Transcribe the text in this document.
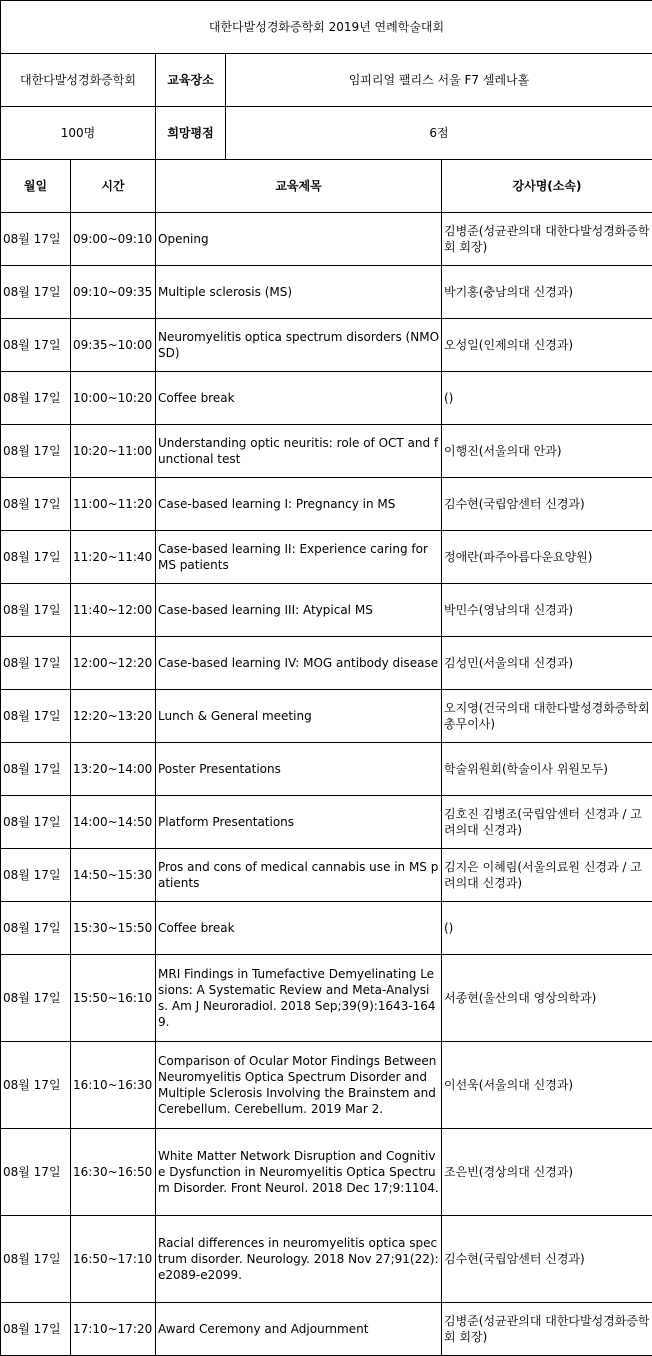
대한다발성경화증학회 2019년 연례학술대회				
대한다발성경화증학회		교육장소	임피리얼 팰리스 서울 F7 셀레나홀	
100명		희망평점	6점	
월일	시간	교육제목		강사명(소속)
08월 17일	09:00~09:10	Opening		김병준(성균관의대 대한다발성경화증학회 회장)
08월 17일	09:10~09:35	Multiple sclerosis (MS)		박기홍(충남의대 신경과)
08월 17일	09:35~10:00	Neuromyelitis optica spectrum disorders (NMOSD)		오성일(인제의대 신경과)
08월 17일	10:00~10:20	Coffee break		()
08월 17일	10:20~11:00	Understanding optic neuritis: role of OCT and functional test		이행진(서울의대 안과)
08월 17일	11:00~11:20	Case-based learning I: Pregnancy in MS		김수현(국립암센터 신경과)
08월 17일	11:20~11:40	Case-based learning II: Experience caring for MS patients		정애란(파주아름다운요양원)
08월 17일	11:40~12:00	Case-based learning III: Atypical MS		박민수(영남의대 신경과)
08월 17일	12:00~12:20	Case-based learning IV: MOG antibody disease		김성민(서울의대 신경과)
08월 17일	12:20~13:20	Lunch & General meeting		오지영(건국의대 대한다발성경화증학회 총무이사)
08월 17일	13:20~14:00	Poster Presentations		학술위원회(학술이사 위원모두)
08월 17일	14:00~14:50	Platform Presentations		김호진 김병조(국립암센터 신경과 / 고려의대 신경과)
08월 17일	14:50~15:30	Pros and cons of medical cannabis use in MS patients		김지은 이혜림(서울의료원 신경과 / 고려의대 신경과)
08월 17일	15:30~15:50	Coffee break		()
08월 17일	15:50~16:10	MRI Findings in Tumefactive Demyelinating Lesions: A Systematic Review and Meta-Analysis. Am J Neuroradiol. 2018 Sep;39(9):1643-1649.		서종현(울산의대 영상의학과)
08월 17일	16:10~16:30	Comparison of Ocular Motor Findings Between Neuromyelitis Optica Spectrum Disorder and Multiple Sclerosis Involving the Brainstem and Cerebellum. Cerebellum. 2019 Mar 2.		이선욱(서울의대 신경과)
08월 17일	16:30~16:50	White Matter Network Disruption and Cognitive Dysfunction in Neuromyelitis Optica Spectrum Disorder. Front Neurol. 2018 Dec 17;9:1104.		조은빈(경상의대 신경과)
08월 17일	16:50~17:10	Racial differences in neuromyelitis optica spectrum disorder. Neurology. 2018 Nov 27;91(22):e2089-e2099.		김수현(국립암센터 신경과)
08월 17일	17:10~17:20	Award Ceremony and Adjournment		김병준(성균관의대 대한다발성경화증학회 회장)
